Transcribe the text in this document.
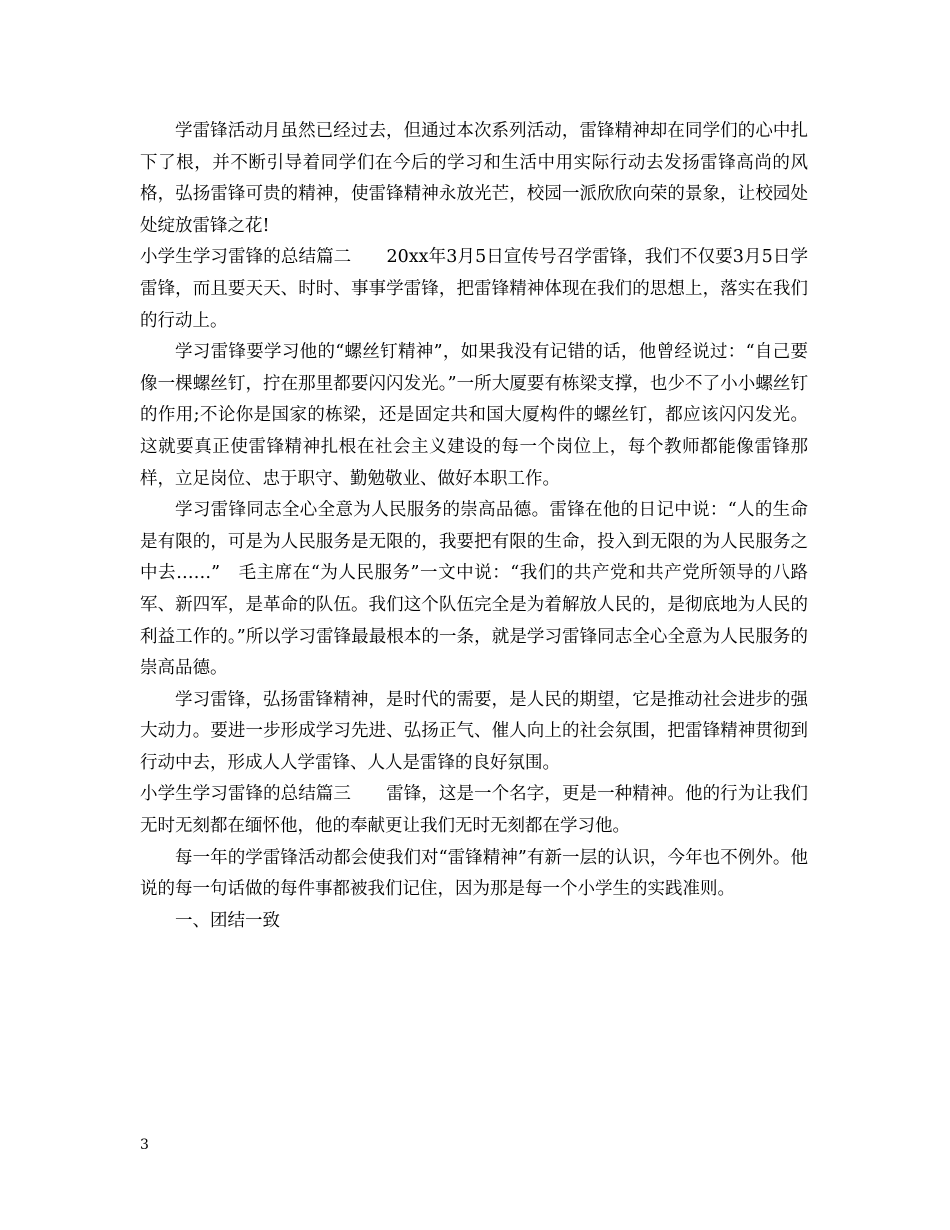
学雷锋活动月虽然已经过去，但通过本次系列活动，雷锋精神却在同学们的心中扎下了根，并不断引导着同学们在今后的学习和生活中用实际行动去发扬雷锋高尚的风格，弘扬雷锋可贵的精神，使雷锋精神永放光芒，校园一派欣欣向荣的景象，让校园处处绽放雷锋之花!

小学生学习雷锋的总结篇二　　20xx年3月5日宣传号召学雷锋，我们不仅要3月5日学雷锋，而且要天天、时时、事事学雷锋，把雷锋精神体现在我们的思想上，落实在我们的行动上。

学习雷锋要学习他的“螺丝钉精神”，如果我没有记错的话，他曾经说过：“自己要像一棵螺丝钉，拧在那里都要闪闪发光。”一所大厦要有栋梁支撑，也少不了小小螺丝钉的作用;不论你是国家的栋梁，还是固定共和国大厦构件的螺丝钉，都应该闪闪发光。这就要真正使雷锋精神扎根在社会主义建设的每一个岗位上，每个教师都能像雷锋那样，立足岗位、忠于职守、勤勉敬业、做好本职工作。

学习雷锋同志全心全意为人民服务的崇高品德。雷锋在他的日记中说：“人的生命是有限的，可是为人民服务是无限的，我要把有限的生命，投入到无限的为人民服务之中去……”　毛主席在“为人民服务”一文中说：“我们的共产党和共产党所领导的八路军、新四军，是革命的队伍。我们这个队伍完全是为着解放人民的，是彻底地为人民的利益工作的。”所以学习雷锋最最根本的一条，就是学习雷锋同志全心全意为人民服务的崇高品德。

学习雷锋，弘扬雷锋精神，是时代的需要，是人民的期望，它是推动社会进步的强大动力。要进一步形成学习先进、弘扬正气、催人向上的社会氛围，把雷锋精神贯彻到行动中去，形成人人学雷锋、人人是雷锋的良好氛围。

小学生学习雷锋的总结篇三　　雷锋，这是一个名字，更是一种精神。他的行为让我们无时无刻都在缅怀他，他的奉献更让我们无时无刻都在学习他。

每一年的学雷锋活动都会使我们对“雷锋精神”有新一层的认识，今年也不例外。他说的每一句话做的每件事都被我们记住，因为那是每一个小学生的实践准则。

一、团结一致

3
